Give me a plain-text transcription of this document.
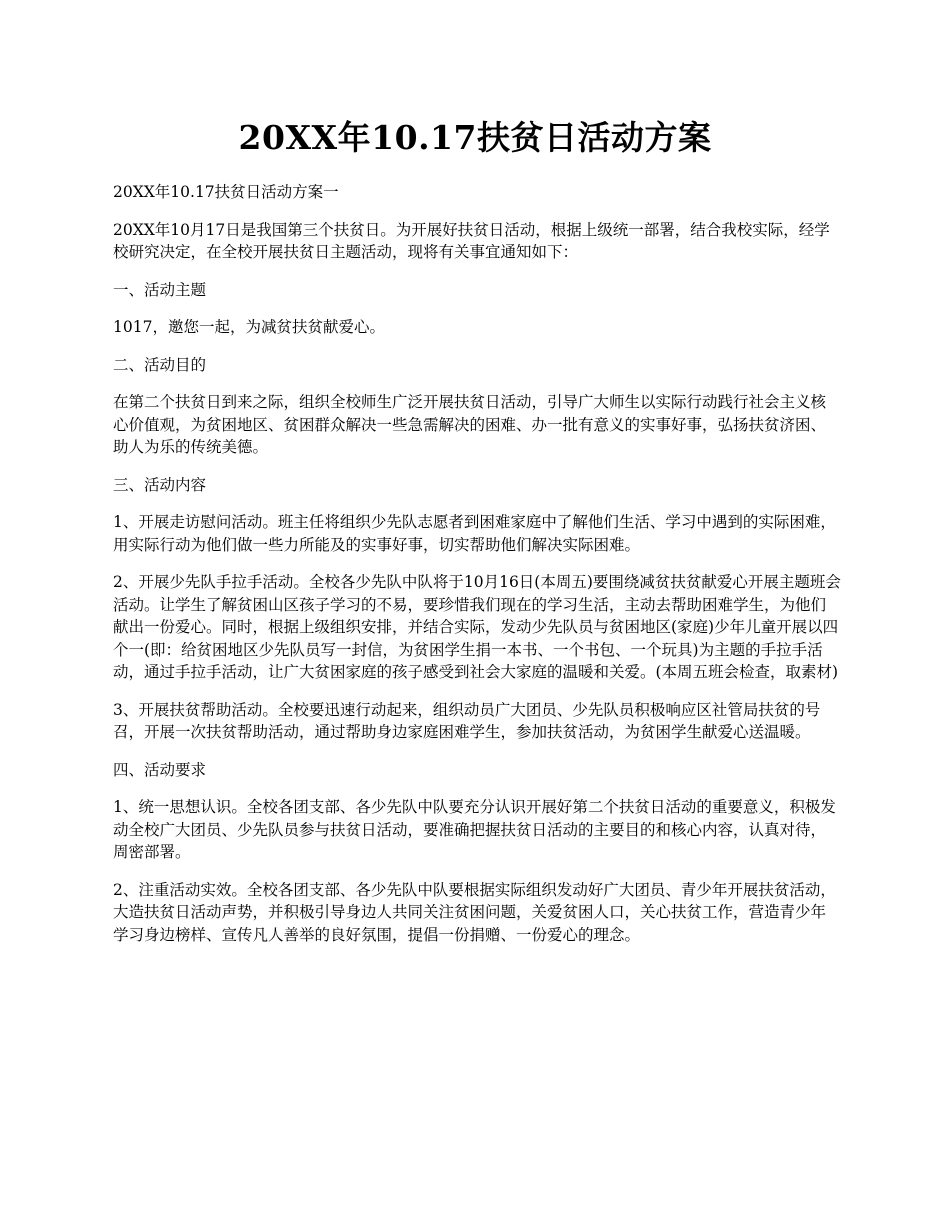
20XX年10.17扶贫日活动方案

20XX年10.17扶贫日活动方案一

20XX年10月17日是我国第三个扶贫日。为开展好扶贫日活动，根据上级统一部署，结合我校实际，经学校研究决定，在全校开展扶贫日主题活动，现将有关事宜通知如下：

一、活动主题

1017，邀您一起，为减贫扶贫献爱心。

二、活动目的

在第二个扶贫日到来之际，组织全校师生广泛开展扶贫日活动，引导广大师生以实际行动践行社会主义核心价值观，为贫困地区、贫困群众解决一些急需解决的困难、办一批有意义的实事好事，弘扬扶贫济困、助人为乐的传统美德。

三、活动内容

1、开展走访慰问活动。班主任将组织少先队志愿者到困难家庭中了解他们生活、学习中遇到的实际困难，用实际行动为他们做一些力所能及的实事好事，切实帮助他们解决实际困难。

2、开展少先队手拉手活动。全校各少先队中队将于10月16日(本周五)要围绕减贫扶贫献爱心开展主题班会活动。让学生了解贫困山区孩子学习的不易，要珍惜我们现在的学习生活，主动去帮助困难学生，为他们献出一份爱心。同时，根据上级组织安排，并结合实际，发动少先队员与贫困地区(家庭)少年儿童开展以四个一(即：给贫困地区少先队员写一封信，为贫困学生捐一本书、一个书包、一个玩具)为主题的手拉手活动，通过手拉手活动，让广大贫困家庭的孩子感受到社会大家庭的温暖和关爱。(本周五班会检查，取素材)

3、开展扶贫帮助活动。全校要迅速行动起来，组织动员广大团员、少先队员积极响应区社管局扶贫的号召，开展一次扶贫帮助活动，通过帮助身边家庭困难学生，参加扶贫活动，为贫困学生献爱心送温暖。

四、活动要求

1、统一思想认识。全校各团支部、各少先队中队要充分认识开展好第二个扶贫日活动的重要意义，积极发动全校广大团员、少先队员参与扶贫日活动，要准确把握扶贫日活动的主要目的和核心内容，认真对待，周密部署。

2、注重活动实效。全校各团支部、各少先队中队要根据实际组织发动好广大团员、青少年开展扶贫活动，大造扶贫日活动声势，并积极引导身边人共同关注贫困问题，关爱贫困人口，关心扶贫工作，营造青少年学习身边榜样、宣传凡人善举的良好氛围，提倡一份捐赠、一份爱心的理念。
